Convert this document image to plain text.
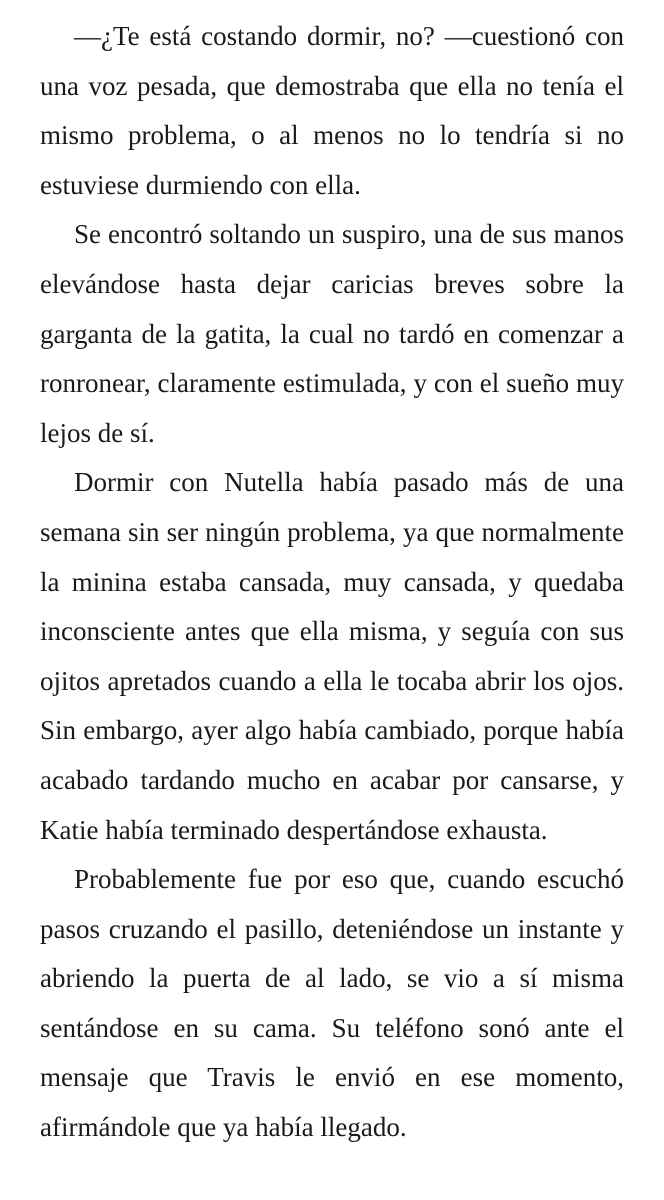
—¿Te está costando dormir, no? —cuestionó con una voz pesada, que demostraba que ella no tenía el mismo problema, o al menos no lo tendría si no estuviese durmiendo con ella.

Se encontró soltando un suspiro, una de sus manos elevándose hasta dejar caricias breves sobre la garganta de la gatita, la cual no tardó en comenzar a ronronear, claramente estimulada, y con el sueño muy lejos de sí.

Dormir con Nutella había pasado más de una semana sin ser ningún problema, ya que normalmente la minina estaba cansada, muy cansada, y quedaba inconsciente antes que ella misma, y seguía con sus ojitos apretados cuando a ella le tocaba abrir los ojos. Sin embargo, ayer algo había cambiado, porque había acabado tardando mucho en acabar por cansarse, y Katie había terminado despertándose exhausta.

Probablemente fue por eso que, cuando escuchó pasos cruzando el pasillo, deteniéndose un instante y abriendo la puerta de al lado, se vio a sí misma sentándose en su cama. Su teléfono sonó ante el mensaje que Travis le envió en ese momento, afirmándole que ya había llegado.
